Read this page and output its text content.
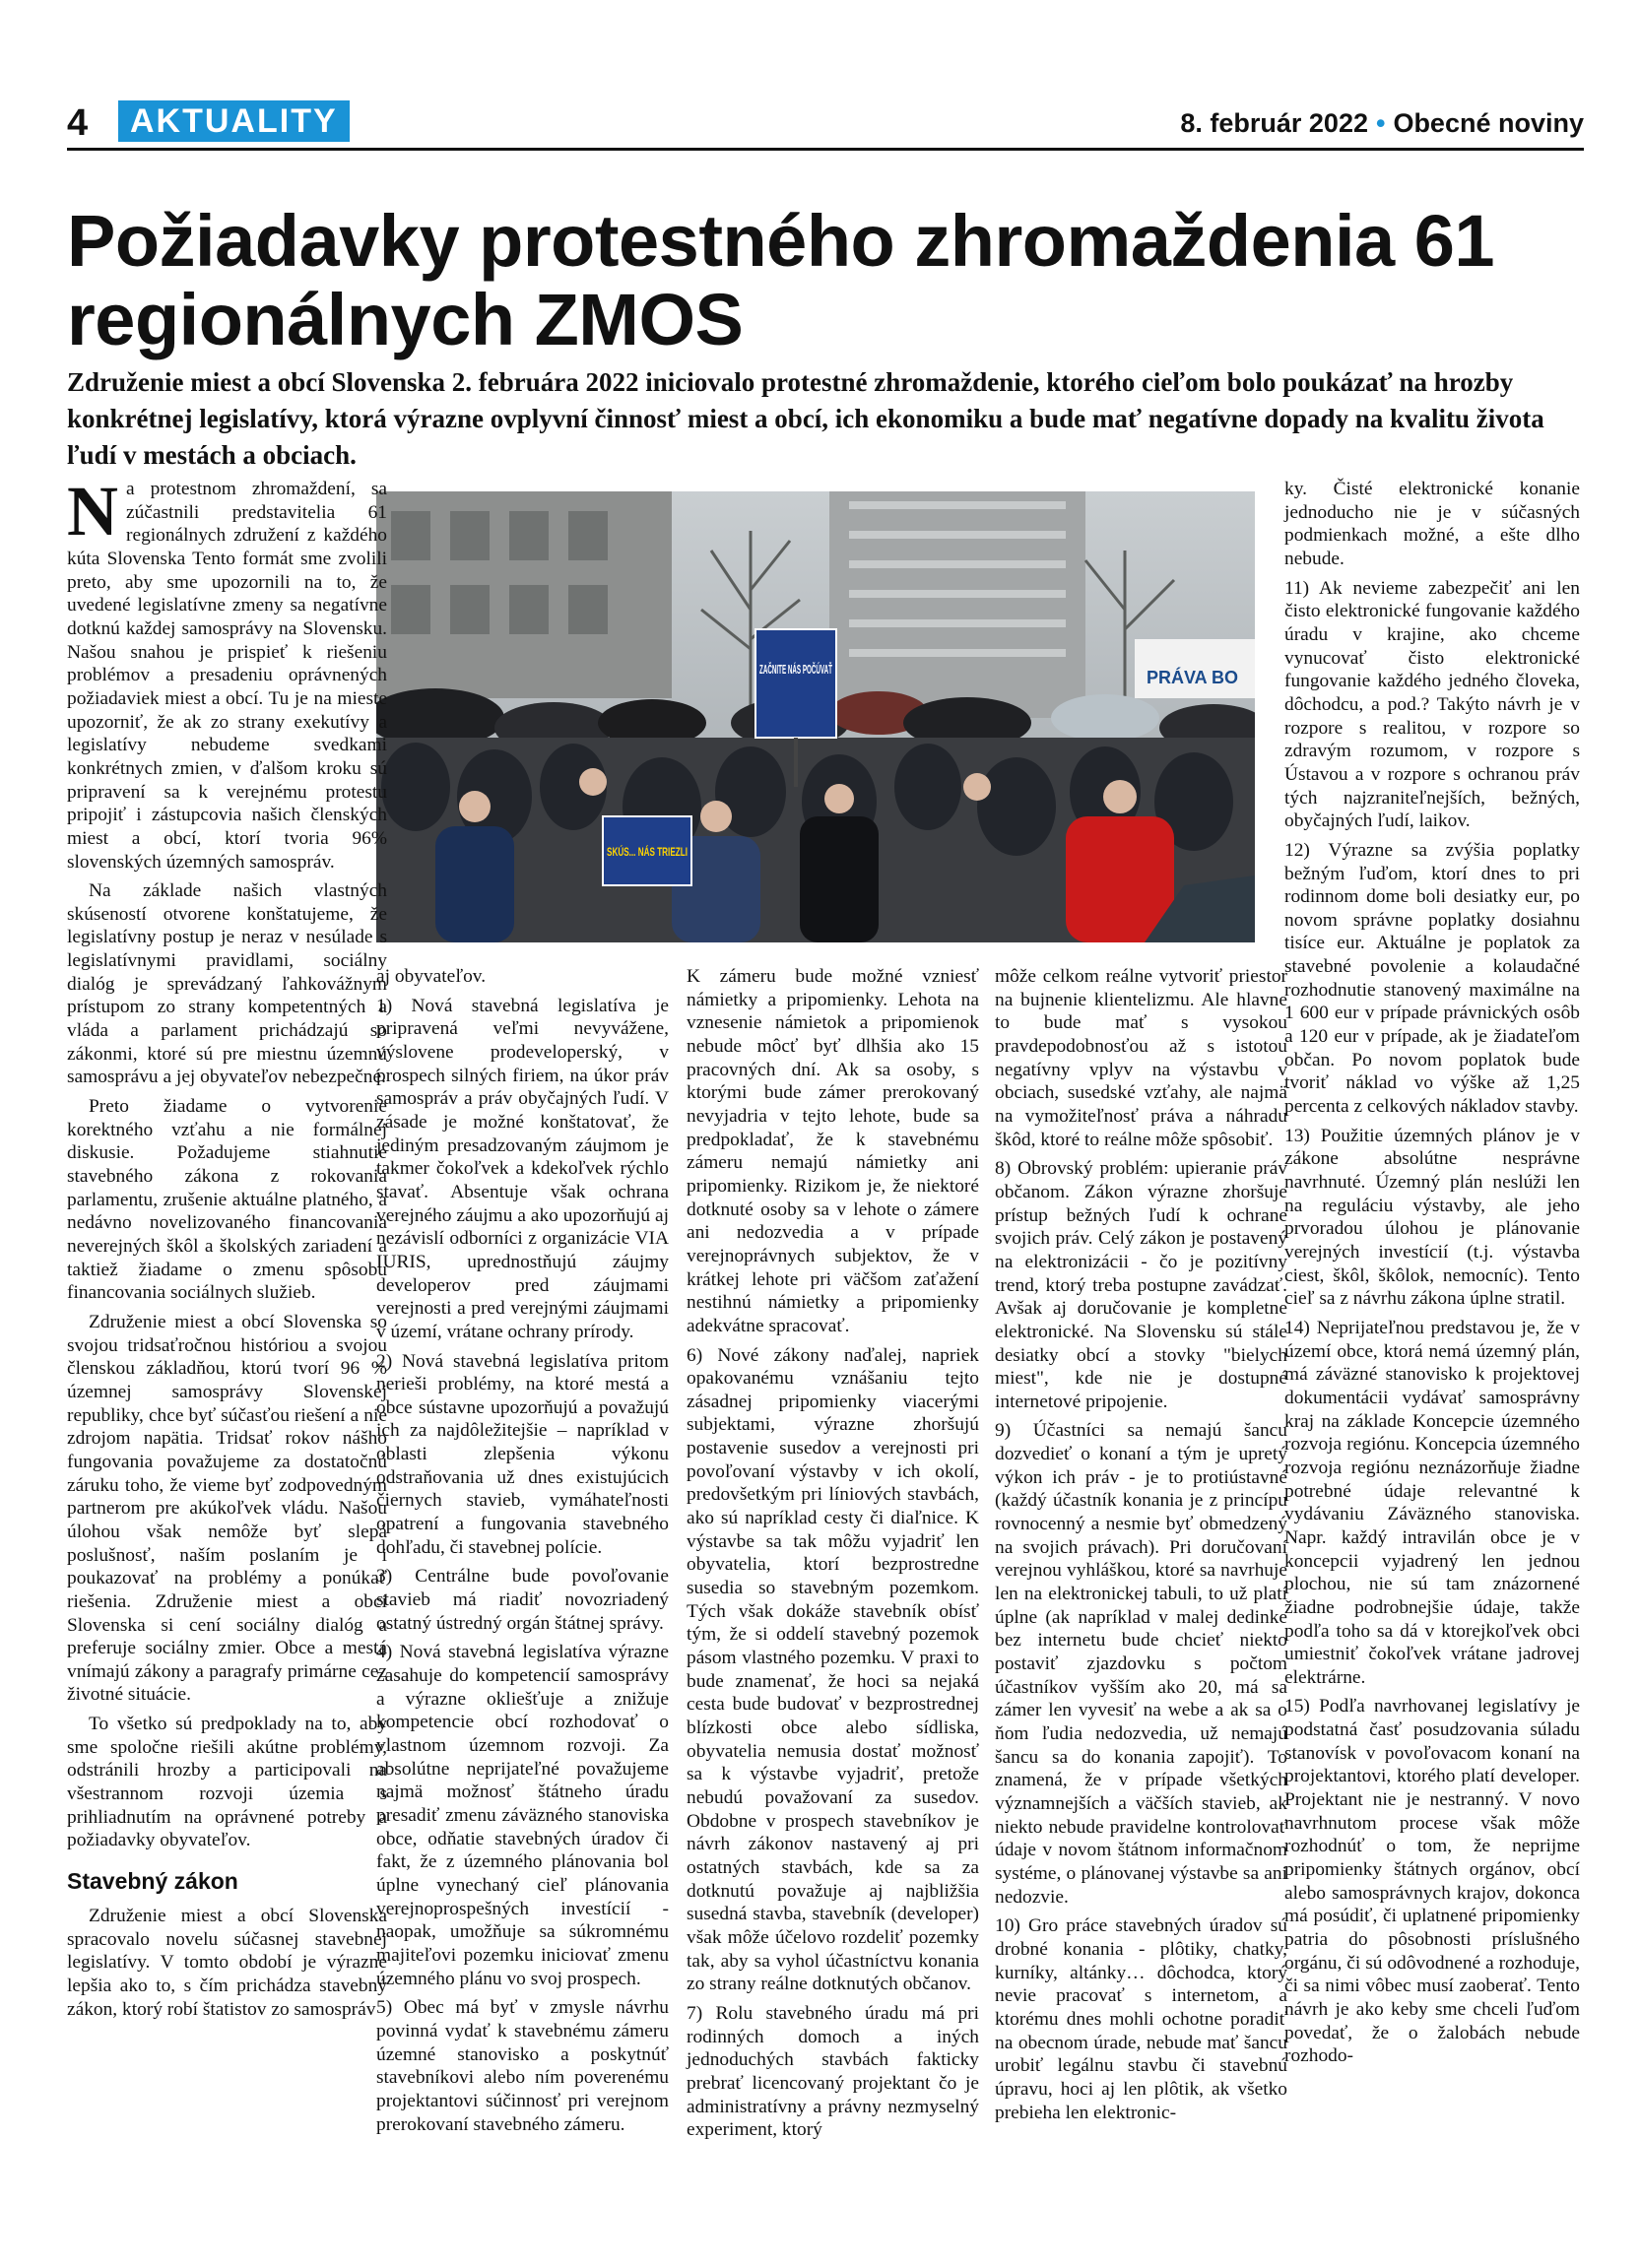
4	AKTUALITY	8. február 2022 • Obecné noviny
Požiadavky protestného zhromaždenia 61 regionálnych ZMOS

Združenie miest a obcí Slovenska 2. februára 2022 iniciovalo protestné zhromaždenie, ktorého cieľom bolo poukázať na hrozby konkrétnej legislatívy, ktorá výrazne ovplyvní činnosť miest a obcí, ich ekonomiku a bude mať negatívne dopady na kvalitu života ľudí v mestách a obciach.

PRÁVA BO
ZAČNITE NÁS POČÚVAŤ
SKÚS... NÁS TRIEZLI

Na protestnom zhromaždení, sa zúčastnili predstavitelia 61 regionálnych združení z každého kúta Slovenska Tento formát sme zvolili preto, aby sme upozornili na to, že uvedené legislatívne zmeny sa negatívne dotknú každej samosprávy na Slovensku. Našou snahou je prispieť k riešeniu problémov a presadeniu oprávnených požiadaviek miest a obcí. Tu je na mieste upozorniť, že ak zo strany exekutívy a legislatívy nebudeme svedkami konkrétnych zmien, v ďalšom kroku sú pripravení sa k verejnému protestu pripojiť i zástupcovia našich členských miest a obcí, ktorí tvoria 96% slovenských územných samospráv.

Na základe našich vlastných skúseností otvorene konštatujeme, že legislatívny postup je neraz v nesúlade s legislatívnymi pravidlami, sociálny dialóg je sprevádzaný ľahkovážnym prístupom zo strany kompetentných a vláda a parlament prichádzajú so zákonmi, ktoré sú pre miestnu územnú samosprávu a jej obyvateľov nebezpečné.

Preto žiadame o vytvorenie korektného vzťahu a nie formálnej diskusie. Požadujeme stiahnutie stavebného zákona z rokovania parlamentu, zrušenie aktuálne platného, a nedávno novelizovaného financovania neverejných škôl a školských zariadení a taktiež žiadame o zmenu spôsobu financovania sociálnych služieb.

Združenie miest a obcí Slovenska so svojou tridsaťročnou históriou a svojou členskou základňou, ktorú tvorí 96 % územnej samosprávy Slovenskej republiky, chce byť súčasťou riešení a nie zdrojom napätia. Tridsať rokov nášho fungovania považujeme za dostatočnú záruku toho, že vieme byť zodpovedným partnerom pre akúkoľvek vládu. Našou úlohou však nemôže byť slepá poslušnosť, naším poslaním je i poukazovať na problémy a ponúkať riešenia. Združenie miest a obcí Slovenska si cení sociálny dialóg a preferuje sociálny zmier. Obce a mestá vnímajú zákony a paragrafy primárne cez životné situácie.

To všetko sú predpoklady na to, aby sme spoločne riešili akútne problémy, odstránili hrozby a participovali na všestrannom rozvoji územia s prihliadnutím na oprávnené potreby a požiadavky obyvateľov.

Stavebný zákon

Združenie miest a obcí Slovenska spracovalo novelu súčasnej stavebnej legislatívy. V tomto období je výrazne lepšia ako to, s čím prichádza stavebný zákon, ktorý robí štatistov zo samospráv

aj obyvateľov.

1) Nová stavebná legislatíva je pripravená veľmi nevyvážene, výslovene prodeveloperský, v prospech silných firiem, na úkor práv samospráv a práv obyčajných ľudí. V zásade je možné konštatovať, že jediným presadzovaným záujmom je takmer čokoľvek a kdekoľvek rýchlo stavať. Absentuje však ochrana verejného záujmu a ako upozorňujú aj nezávislí odborníci z organizácie VIA IURIS, uprednostňujú záujmy developerov pred záujmami verejnosti a pred verejnými záujmami v území, vrátane ochrany prírody.

2) Nová stavebná legislatíva pritom nerieši problémy, na ktoré mestá a obce sústavne upozorňujú a považujú ich za najdôležitejšie – napríklad v oblasti zlepšenia výkonu odstraňovania už dnes existujúcich čiernych stavieb, vymáhateľnosti opatrení a fungovania stavebného dohľadu, či stavebnej polície.

3) Centrálne bude povoľovanie stavieb má riadiť novozriadený ostatný ústredný orgán štátnej správy.

4) Nová stavebná legislatíva výrazne zasahuje do kompetencií samosprávy a výrazne okliešťuje a znižuje kompetencie obcí rozhodovať o vlastnom územnom rozvoji. Za absolútne neprijateľné považujeme najmä možnosť štátneho úradu presadiť zmenu záväzného stanoviska obce, odňatie stavebných úradov či fakt, že z územného plánovania bol úplne vynechaný cieľ plánovania verejnoprospešných investícií - naopak, umožňuje sa súkromnému majiteľovi pozemku iniciovať zmenu územného plánu vo svoj prospech.

5) Obec má byť v zmysle návrhu povinná vydať k stavebnému zámeru územné stanovisko a poskytnúť stavebníkovi alebo ním poverenému projektantovi súčinnosť pri verejnom prerokovaní stavebného zámeru.

K zámeru bude možné vzniesť námietky a pripomienky. Lehota na vznesenie námietok a pripomienok nebude môcť byť dlhšia ako 15 pracovných dní. Ak sa osoby, s ktorými bude zámer prerokovaný nevyjadria v tejto lehote, bude sa predpokladať, že k stavebnému zámeru nemajú námietky ani pripomienky. Rizikom je, že niektoré dotknuté osoby sa v lehote o zámere ani nedozvedia a v prípade verejnoprávnych subjektov, že v krátkej lehote pri väčšom zaťažení nestihnú námietky a pripomienky adekvátne spracovať.

6) Nové zákony naďalej, napriek opakovanému vznášaniu tejto zásadnej pripomienky viacerými subjektami, výrazne zhoršujú postavenie susedov a verejnosti pri povoľovaní výstavby v ich okolí, predovšetkým pri líniových stavbách, ako sú napríklad cesty či diaľnice. K výstavbe sa tak môžu vyjadriť len obyvatelia, ktorí bezprostredne susedia so stavebným pozemkom. Tých však dokáže stavebník obísť tým, že si oddelí stavebný pozemok pásom vlastného pozemku. V praxi to bude znamenať, že hoci sa nejaká cesta bude budovať v bezprostrednej blízkosti obce alebo sídliska, obyvatelia nemusia dostať možnosť sa k výstavbe vyjadriť, pretože nebudú považovaní za susedov. Obdobne v prospech stavebníkov je návrh zákonov nastavený aj pri ostatných stavbách, kde sa za dotknutú považuje aj najbližšia susedná stavba, stavebník (developer) však môže účelovo rozdeliť pozemky tak, aby sa vyhol účastníctvu konania zo strany reálne dotknutých občanov.

7) Rolu stavebného úradu má pri rodinných domoch a iných jednoduchých stavbách fakticky prebrať licencovaný projektant čo je administratívny a právny nezmyselný experiment, ktorý

môže celkom reálne vytvoriť priestor na bujnenie klientelizmu. Ale hlavne to bude mať s vysokou pravdepodobnosťou až s istotou negatívny vplyv na výstavbu v obciach, susedské vzťahy, ale najmä na vymožiteľnosť práva a náhradu škôd, ktoré to reálne môže spôsobiť.

8) Obrovský problém: upieranie práv občanom. Zákon výrazne zhoršuje prístup bežných ľudí k ochrane svojich práv. Celý zákon je postavený na elektronizácii - čo je pozitívny trend, ktorý treba postupne zavádzať. Avšak aj doručovanie je kompletne elektronické. Na Slovensku sú stále desiatky obcí a stovky "bielych miest", kde nie je dostupné internetové pripojenie.

9) Účastníci sa nemajú šancu dozvedieť o konaní a tým je upretý výkon ich práv - je to protiústavné (každý účastník konania je z princípu rovnocenný a nesmie byť obmedzený na svojich právach). Pri doručovaní verejnou vyhláškou, ktoré sa navrhuje len na elektronickej tabuli, to už platí úplne (ak napríklad v malej dedinke bez internetu bude chcieť niekto postaviť zjazdovku s počtom účastníkov vyšším ako 20, má sa zámer len vyvesiť na webe a ak sa o ňom ľudia nedozvedia, už nemajú šancu sa do konania zapojiť). To znamená, že v prípade všetkých významnejších a väčších stavieb, ak niekto nebude pravidelne kontrolovať údaje v novom štátnom informačnom systéme, o plánovanej výstavbe sa ani nedozvie.

10) Gro práce stavebných úradov sú drobné konania - plôtiky, chatky, kurníky, altánky… dôchodca, ktorý nevie pracovať s internetom, a ktorému dnes mohli ochotne poradiť na obecnom úrade, nebude mať šancu urobiť legálnu stavbu či stavebnú úpravu, hoci aj len plôtik, ak všetko prebieha len elektronic-

ky. Čisté elektronické konanie jednoducho nie je v súčasných podmienkach možné, a ešte dlho nebude.

11) Ak nevieme zabezpečiť ani len čisto elektronické fungovanie každého úradu v krajine, ako chceme vynucovať čisto elektronické fungovanie každého jedného človeka, dôchodcu, a pod.? Takýto návrh je v rozpore s realitou, v rozpore so zdravým rozumom, v rozpore s Ústavou a v rozpore s ochranou práv tých najzraniteľnejších, bežných, obyčajných ľudí, laikov.

12) Výrazne sa zvýšia poplatky bežným ľuďom, ktorí dnes to pri rodinnom dome boli desiatky eur, po novom správne poplatky dosiahnu tisíce eur. Aktuálne je poplatok za stavebné povolenie a kolaudačné rozhodnutie stanovený maximálne na 1 600 eur v prípade právnických osôb a 120 eur v prípade, ak je žiadateľom občan. Po novom poplatok bude tvoriť náklad vo výške až 1,25 percenta z celkových nákladov stavby.

13) Použitie územných plánov je v zákone absolútne nesprávne navrhnuté. Územný plán neslúži len na reguláciu výstavby, ale jeho prvoradou úlohou je plánovanie verejných investícií (t.j. výstavba ciest, škôl, škôlok, nemocníc). Tento cieľ sa z návrhu zákona úplne stratil.

14) Neprijateľnou predstavou je, že v území obce, ktorá nemá územný plán, má záväzné stanovisko k projektovej dokumentácii vydávať samosprávny kraj na základe Koncepcie územného rozvoja regiónu. Koncepcia územného rozvoja regiónu neznázorňuje žiadne potrebné údaje relevantné k vydávaniu Záväzného stanoviska. Napr. každý intravilán obce je v koncepcii vyjadrený len jednou plochou, nie sú tam znázornené žiadne podrobnejšie údaje, takže podľa toho sa dá v ktorejkoľvek obci umiestniť čokoľvek vrátane jadrovej elektrárne.

15) Podľa navrhovanej legislatívy je podstatná časť posudzovania súladu stanovísk v povoľovacom konaní na projektantovi, ktorého platí developer. Projektant nie je nestranný. V novo navrhnutom procese však môže rozhodnúť o tom, že neprijme pripomienky štátnych orgánov, obcí alebo samosprávnych krajov, dokonca má posúdiť, či uplatnené pripomienky patria do pôsobnosti príslušného orgánu, či sú odôvodnené a rozhoduje, či sa nimi vôbec musí zaoberať. Tento návrh je ako keby sme chceli ľuďom povedať, že o žalobách nebude rozhodo-
